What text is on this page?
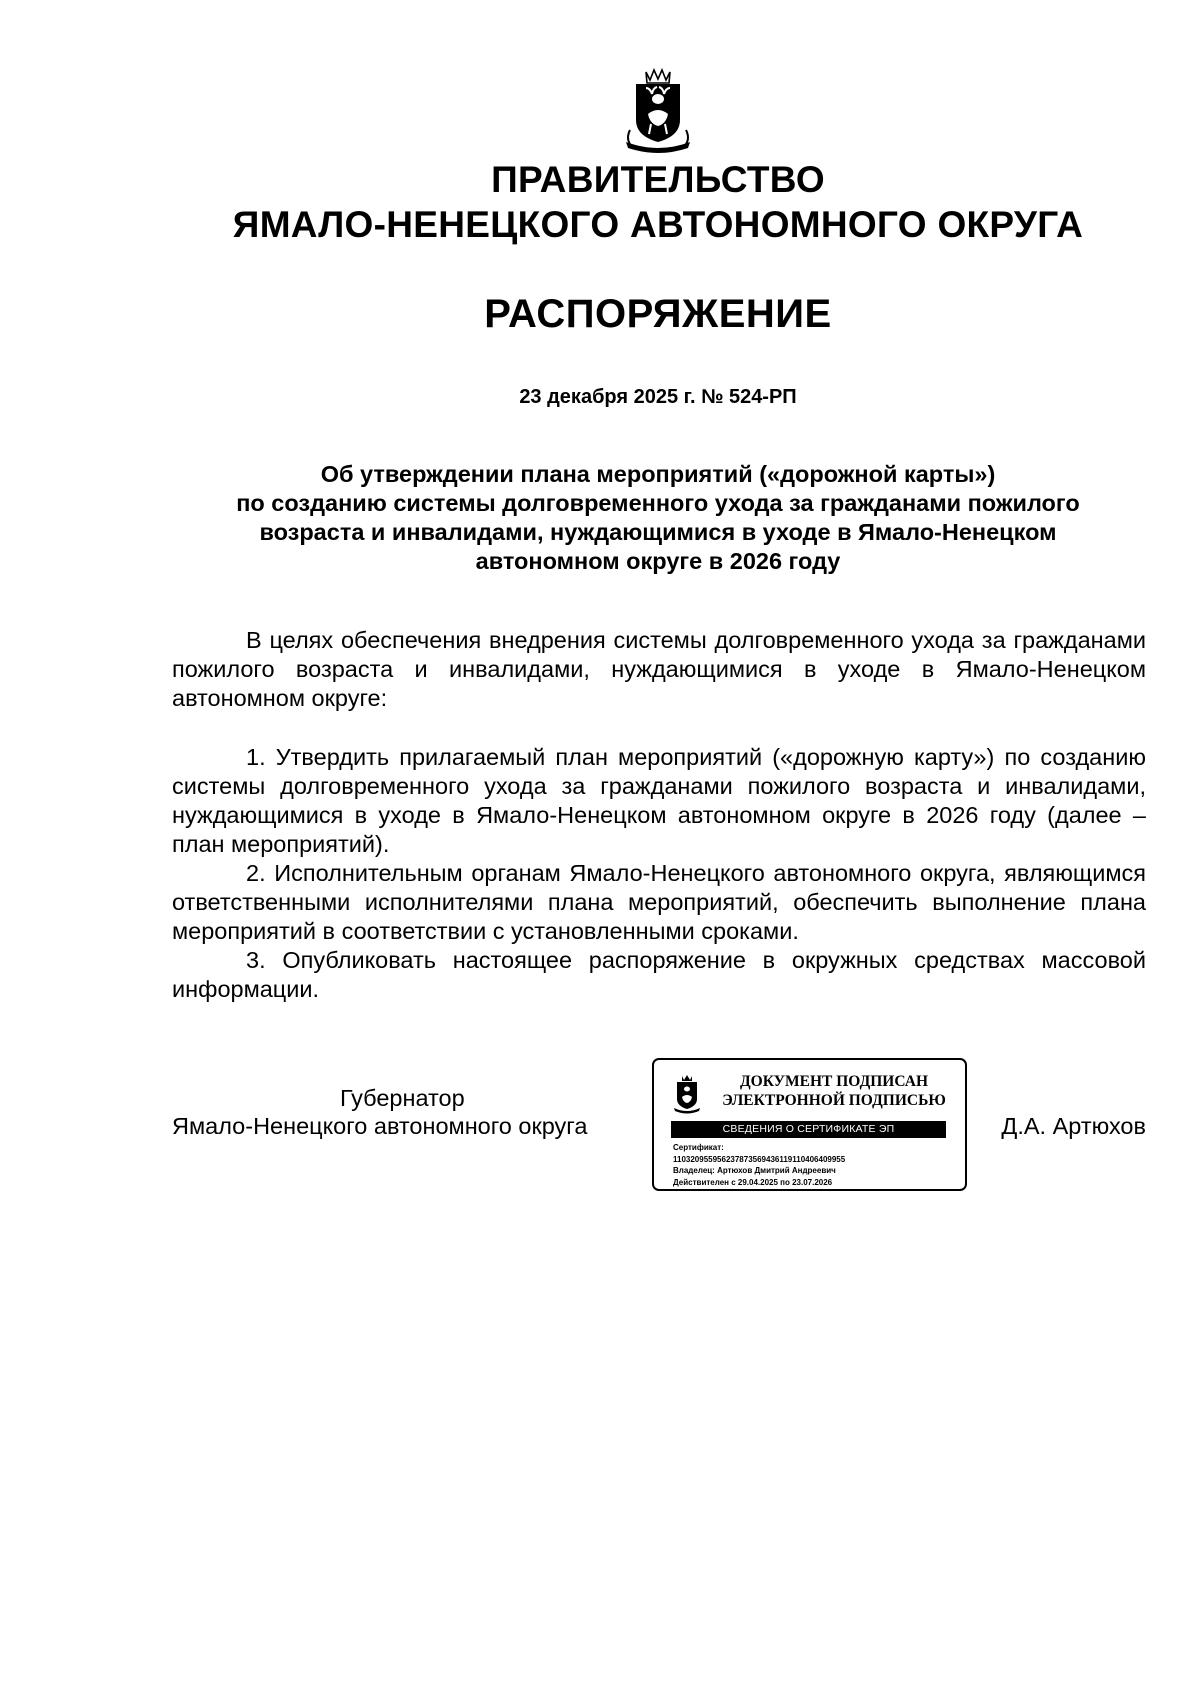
ПРАВИТЕЛЬСТВО
ЯМАЛО-НЕНЕЦКОГО АВТОНОМНОГО ОКРУГА
РАСПОРЯЖЕНИЕ
23 декабря 2025 г. № 524-РП
Об утверждении плана мероприятий («дорожной карты»)
по созданию системы долговременного ухода за гражданами пожилого
возраста и инвалидами, нуждающимися в уходе в Ямало-Ненецком
автономном округе в 2026 году

В целях обеспечения внедрения системы долговременного ухода за гражданами пожилого возраста и инвалидами, нуждающимися в уходе в Ямало-Ненецком автономном округе:

1. Утвердить прилагаемый план мероприятий («дорожную карту») по созданию системы долговременного ухода за гражданами пожилого возраста и инвалидами, нуждающимися в уходе в Ямало-Ненецком автономном округе в 2026 году (далее – план мероприятий).

2. Исполнительным органам Ямало-Ненецкого автономного округа, являющимся ответственными исполнителями плана мероприятий, обеспечить выполнение плана мероприятий в соответствии с установленными сроками.

3. Опубликовать настоящее распоряжение в окружных средствах массовой информации.

Губернатор
Ямало-Ненецкого автономного округа	Д.А. Артюхов
ДОКУМЕНТ ПОДПИСАН
ЭЛЕКТРОННОЙ ПОДПИСЬЮ
СВЕДЕНИЯ О СЕРТИФИКАТЕ ЭП
Сертификат:
110320955956237873569436119110406409955
Владелец: Артюхов Дмитрий Андреевич
Действителен с 29.04.2025 по 23.07.2026
